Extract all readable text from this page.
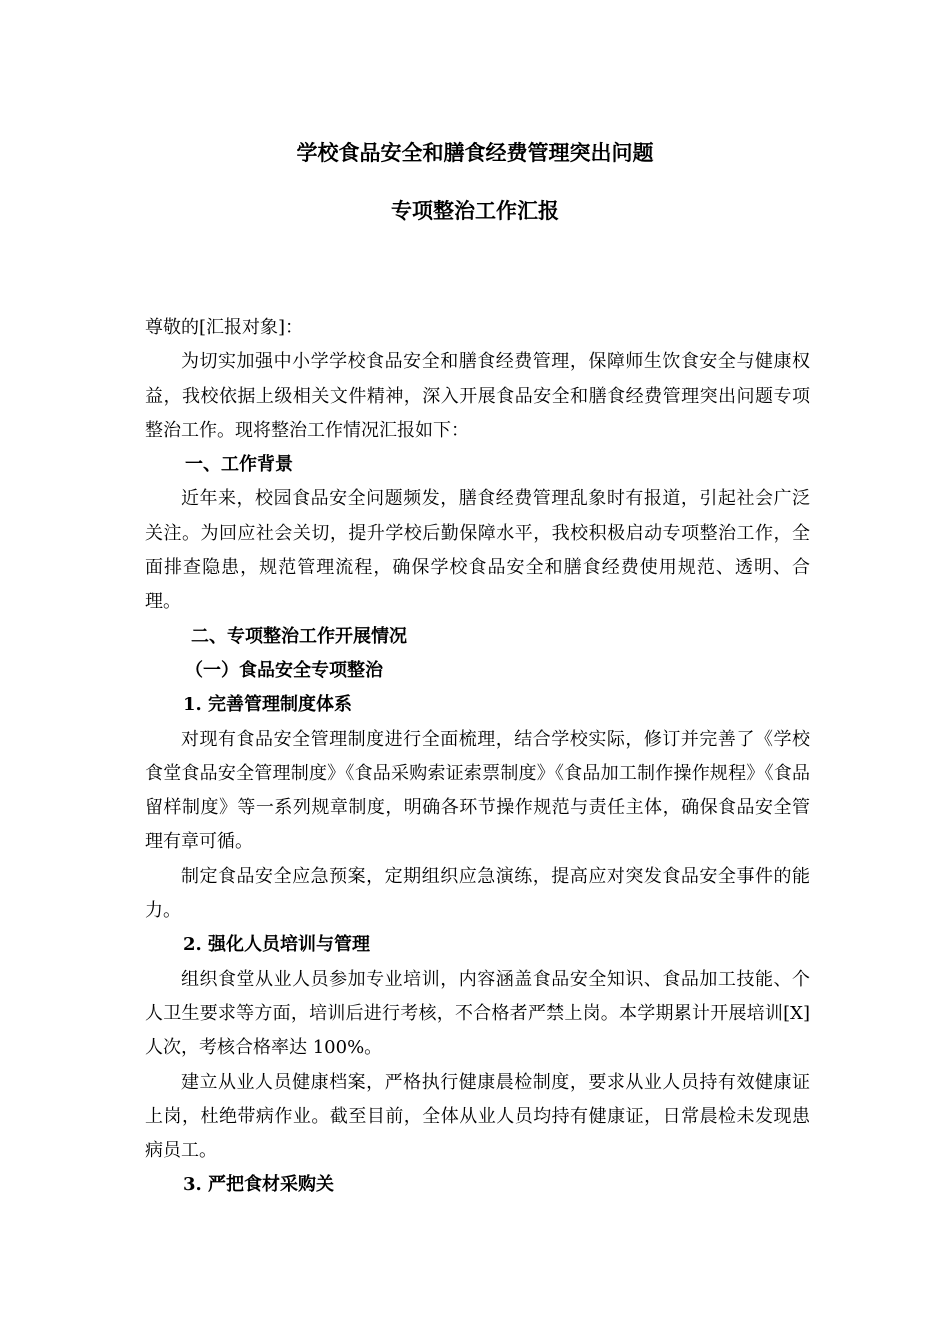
学校食品安全和膳食经费管理突出问题
专项整治工作汇报

尊敬的[汇报对象]：

为切实加强中小学学校食品安全和膳食经费管理，保障师生饮食安全与健康权益，我校依据上级相关文件精神，深入开展食品安全和膳食经费管理突出问题专项整治工作。现将整治工作情况汇报如下：

一、工作背景

近年来，校园食品安全问题频发，膳食经费管理乱象时有报道，引起社会广泛关注。为回应社会关切，提升学校后勤保障水平，我校积极启动专项整治工作，全面排查隐患，规范管理流程，确保学校食品安全和膳食经费使用规范、透明、合理。

二、专项整治工作开展情况

（一）食品安全专项整治

1. 完善管理制度体系

对现有食品安全管理制度进行全面梳理，结合学校实际，修订并完善了《学校食堂食品安全管理制度》《食品采购索证索票制度》《食品加工制作操作规程》《食品留样制度》等一系列规章制度，明确各环节操作规范与责任主体，确保食品安全管理有章可循。

制定食品安全应急预案，定期组织应急演练，提高应对突发食品安全事件的能力。

2. 强化人员培训与管理

组织食堂从业人员参加专业培训，内容涵盖食品安全知识、食品加工技能、个人卫生要求等方面，培训后进行考核，不合格者严禁上岗。本学期累计开展培训[X]人次，考核合格率达 100%。

建立从业人员健康档案，严格执行健康晨检制度，要求从业人员持有效健康证上岗，杜绝带病作业。截至目前，全体从业人员均持有健康证，日常晨检未发现患病员工。

3. 严把食材采购关
